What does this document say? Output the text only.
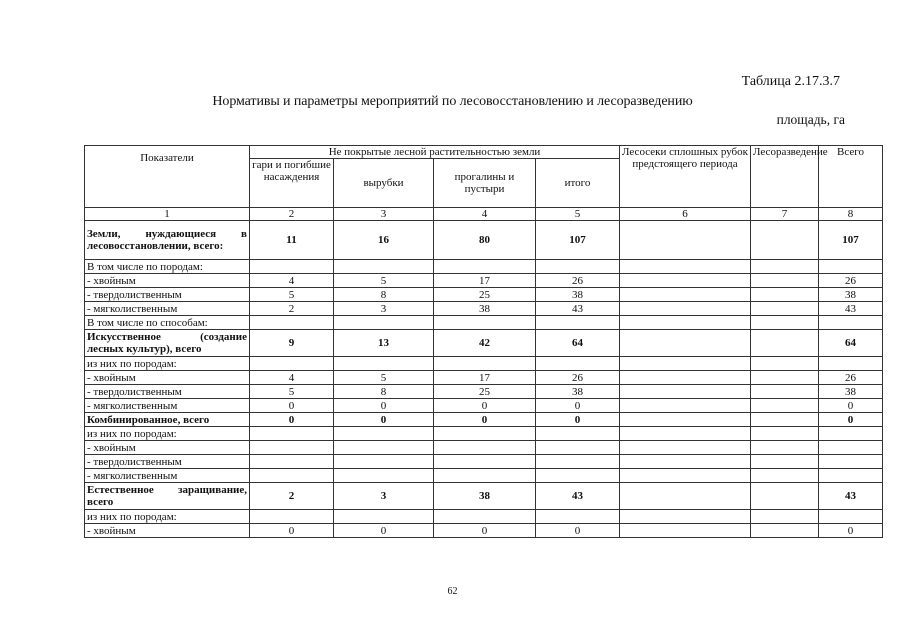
Таблица 2.17.3.7
Нормативы и параметры мероприятий по лесовосстановлению и лесоразведению
площадь, га
Показатели	Не покрытые лесной растительностью земли				Лесосеки сплошных рубок предстоящего периода	Лесоразведение	Всего
	гари и погибшие насаждения	вырубки	прогалины и пустыри	итого			
1	2	3	4	5	6	7	8
Земли, нуждающиеся в лесовосстановлении, всего:	11	16	80	107			107
В том числе по породам:							
- хвойным	4	5	17	26			26
- твердолиственным	5	8	25	38			38
- мягколиственным	2	3	38	43			43
В том числе по способам:							
Искусственное (создание лесных культур), всего	9	13	42	64			64
из них по породам:							
- хвойным	4	5	17	26			26
- твердолиственным	5	8	25	38			38
- мягколиственным	0	0	0	0			0
Комбинированное, всего	0	0	0	0			0
из них по породам:							
- хвойным							
- твердолиственным							
- мягколиственным							
Естественное заращивание, всего	2	3	38	43			43
из них по породам:							
- хвойным	0	0	0	0			0
62
